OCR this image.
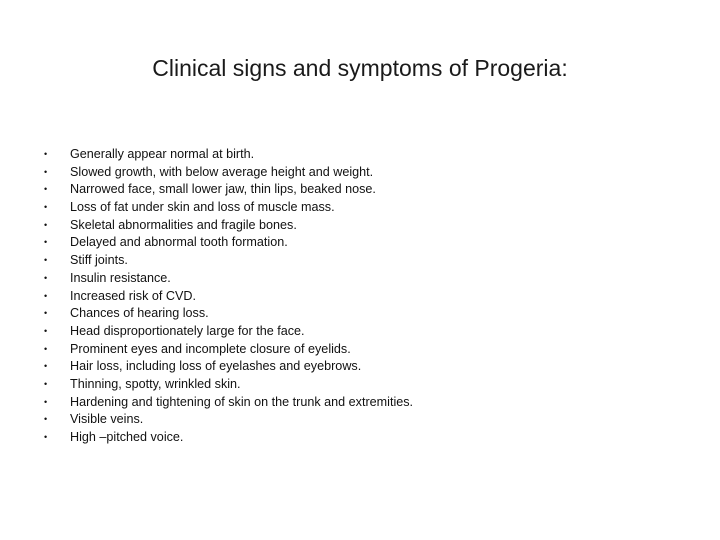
Clinical signs and symptoms of Progeria:
•	Generally appear normal at birth.
•	Slowed growth, with below average height and weight.
•	Narrowed face, small lower jaw, thin lips, beaked nose.
•	Loss of fat under skin and loss of muscle mass.
•	Skeletal abnormalities and fragile bones.
•	Delayed and abnormal tooth formation.
•	Stiff joints.
•	Insulin resistance.
•	Increased risk of CVD.
•	Chances of hearing loss.
•	Head disproportionately large for the face.
•	Prominent eyes and incomplete closure of eyelids.
•	Hair loss, including loss of eyelashes and eyebrows.
•	Thinning, spotty, wrinkled skin.
•	Hardening and tightening of skin on the trunk and extremities.
•	Visible veins.
•	High –pitched voice.
